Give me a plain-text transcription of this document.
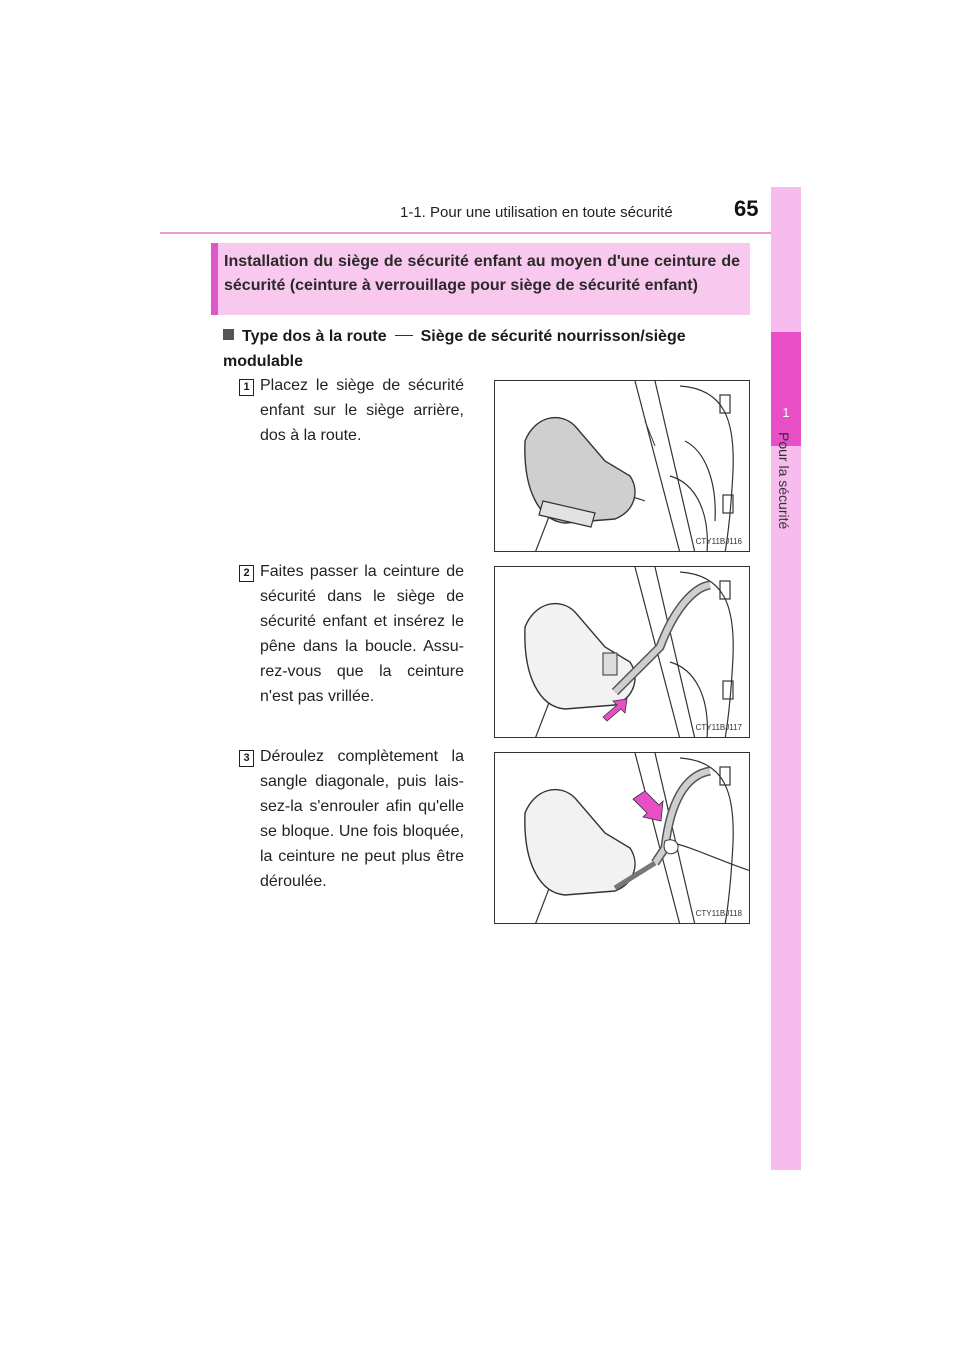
1-1. Pour une utilisation en toute sécurité	65
1
Pour la sécurité
Installation du siège de sécurité enfant au moyen d'une ceinture de sécurité (ceinture à verrouillage pour siège de sécurité enfant)
Type dos à la route Siège de sécurité nourrisson/siège modulable
1 Placez le siège de sécurité enfant sur le siège arrière, dos à la route.
CTY11BJ116
2 Faites passer la ceinture de sécurité dans le siège de sécurité enfant et insérez le pêne dans la boucle. Assu-rez-vous que la ceinture n'est pas vrillée.
CTY11BJ117
3 Déroulez complètement la sangle diagonale, puis lais-sez-la s'enrouler afin qu'elle se bloque. Une fois bloquée, la ceinture ne peut plus être déroulée.
CTY11BJ118
